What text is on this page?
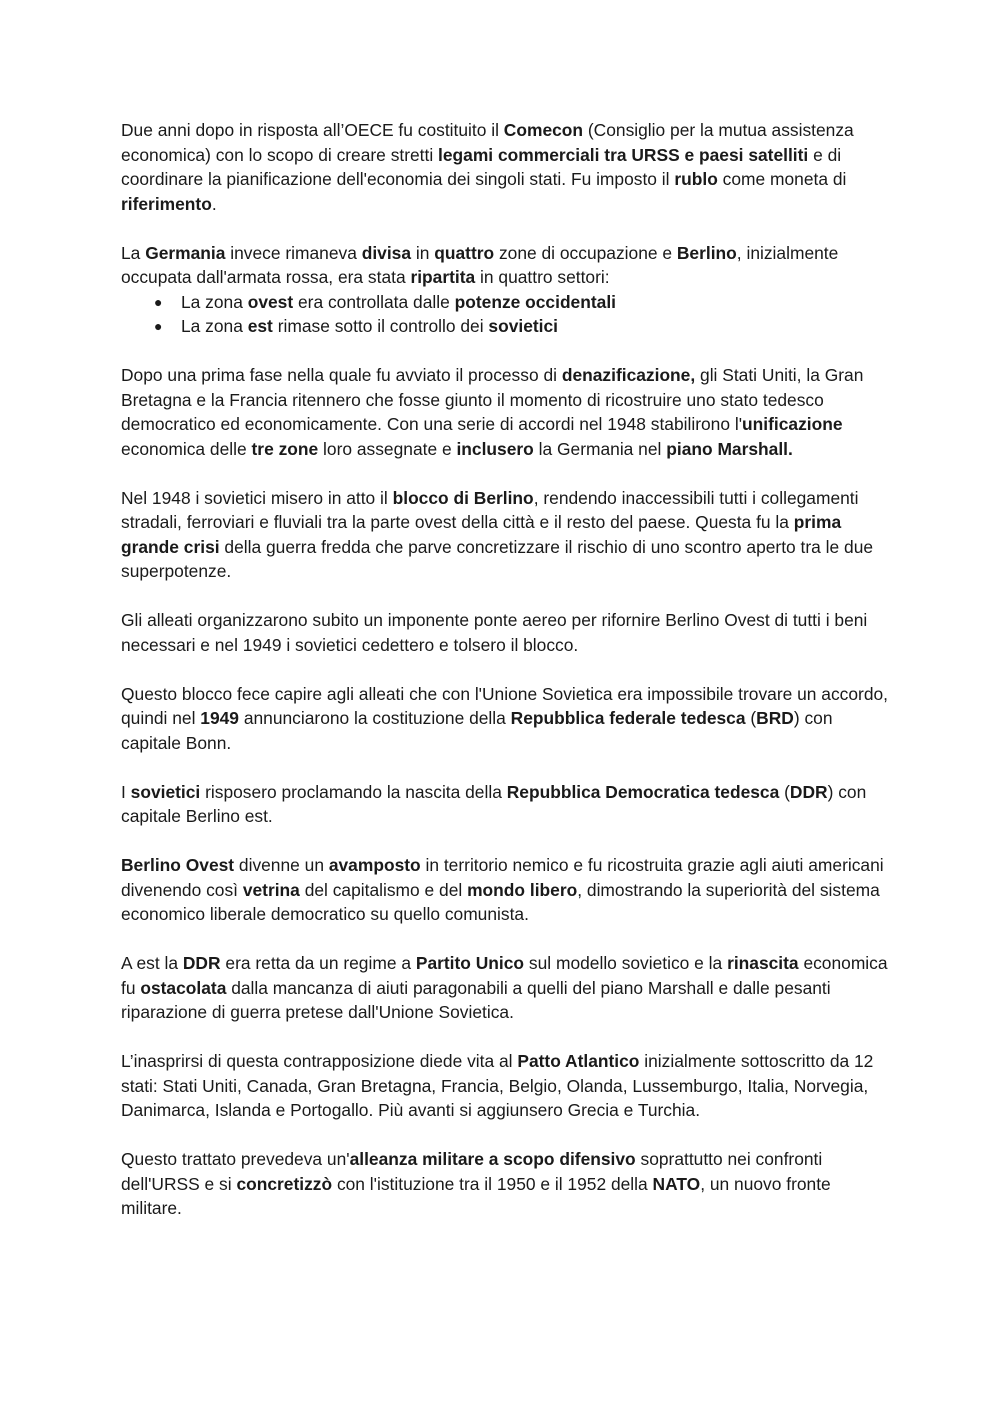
Due anni dopo in risposta all’OECE fu costituito il Comecon (Consiglio per la mutua assistenza economica) con lo scopo di creare stretti legami commerciali tra URSS e paesi satelliti e di coordinare la pianificazione dell'economia dei singoli stati. Fu imposto il rublo come moneta di riferimento.

La Germania invece rimaneva divisa in quattro zone di occupazione e Berlino, inizialmente occupata dall'armata rossa, era stata ripartita in quattro settori:

● La zona ovest era controllata dalle potenze occidentali
● La zona est rimase sotto il controllo dei sovietici

Dopo una prima fase nella quale fu avviato il processo di denazificazione, gli Stati Uniti, la Gran Bretagna e la Francia ritennero che fosse giunto il momento di ricostruire uno stato tedesco democratico ed economicamente. Con una serie di accordi nel 1948 stabilirono l'unificazione economica delle tre zone loro assegnate e inclusero la Germania nel piano Marshall.

Nel 1948 i sovietici misero in atto il blocco di Berlino, rendendo inaccessibili tutti i collegamenti stradali, ferroviari e fluviali tra la parte ovest della città e il resto del paese. Questa fu la prima grande crisi della guerra fredda che parve concretizzare il rischio di uno scontro aperto tra le due superpotenze.

Gli alleati organizzarono subito un imponente ponte aereo per rifornire Berlino Ovest di tutti i beni necessari e nel 1949 i sovietici cedettero e tolsero il blocco.

Questo blocco fece capire agli alleati che con l'Unione Sovietica era impossibile trovare un accordo, quindi nel 1949 annunciarono la costituzione della Repubblica federale tedesca (BRD) con capitale Bonn.

I sovietici risposero proclamando la nascita della Repubblica Democratica tedesca (DDR) con capitale Berlino est.

Berlino Ovest divenne un avamposto in territorio nemico e fu ricostruita grazie agli aiuti americani divenendo così vetrina del capitalismo e del mondo libero, dimostrando la superiorità del sistema economico liberale democratico su quello comunista.

A est la DDR era retta da un regime a Partito Unico sul modello sovietico e la rinascita economica fu ostacolata dalla mancanza di aiuti paragonabili a quelli del piano Marshall e dalle pesanti riparazione di guerra pretese dall'Unione Sovietica.

L’inasprirsi di questa contrapposizione diede vita al Patto Atlantico inizialmente sottoscritto da 12 stati: Stati Uniti, Canada, Gran Bretagna, Francia, Belgio, Olanda, Lussemburgo, Italia, Norvegia, Danimarca, Islanda e Portogallo. Più avanti si aggiunsero Grecia e Turchia.

Questo trattato prevedeva un'alleanza militare a scopo difensivo soprattutto nei confronti dell'URSS e si concretizzò con l'istituzione tra il 1950 e il 1952 della NATO, un nuovo fronte militare.
